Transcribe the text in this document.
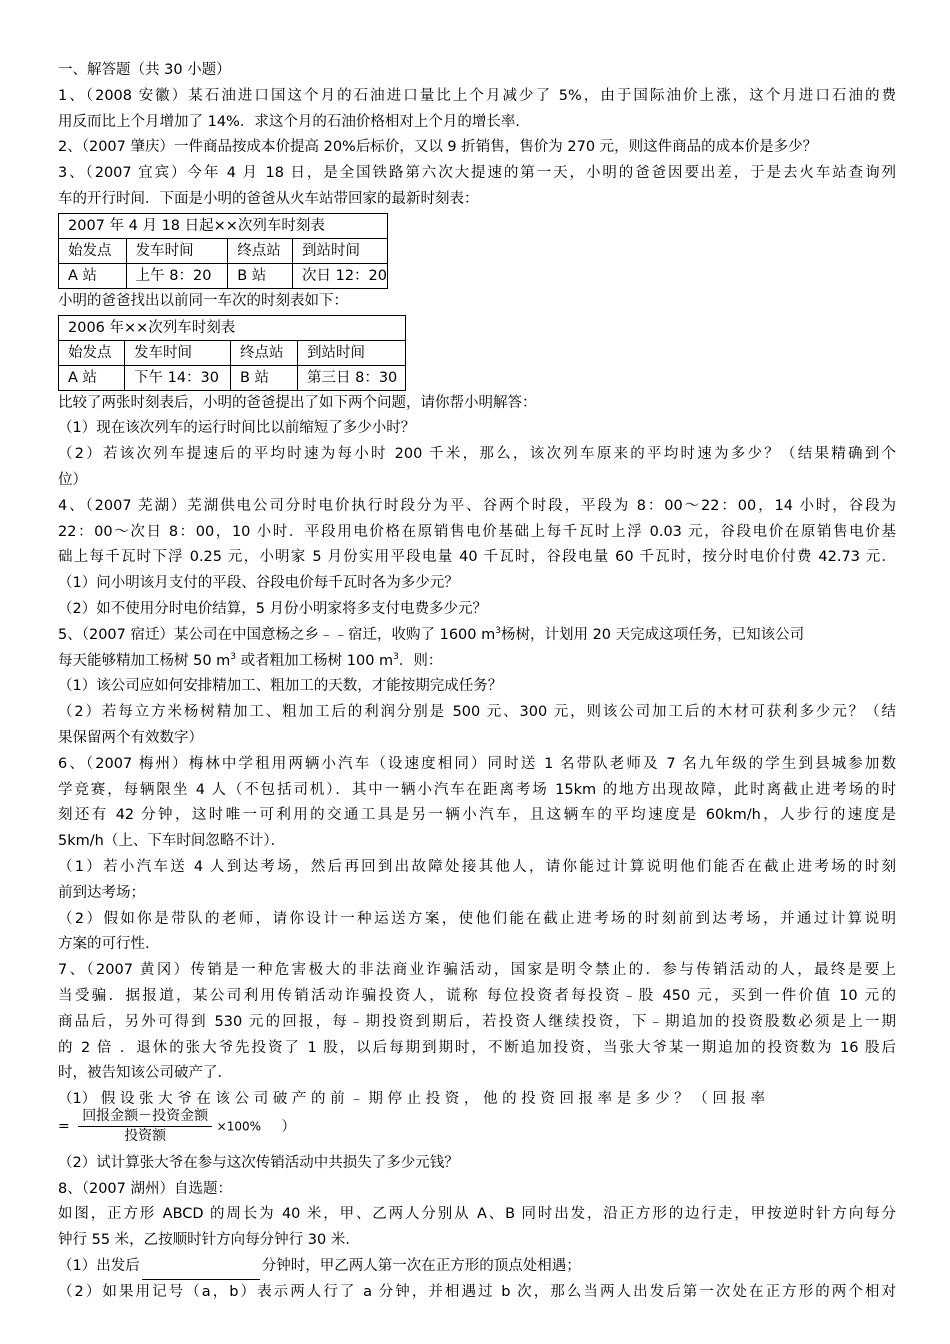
一、解答题（共 30 小题）
1、（2008 安徽）某石油进口国这个月的石油进口量比上个月减少了 5%，由于国际油价上涨，这个月进口石油的费
用反而比上个月增加了 14%．求这个月的石油价格相对上个月的增长率．
2、（2007 肇庆）一件商品按成本价提高 20%后标价，又以 9 折销售，售价为 270 元，则这件商品的成本价是多少？
3、（2007 宜宾）今年 4 月 18 日，是全国铁路第六次大提速的第一天，小明的爸爸因要出差，于是去火车站查询列
车的开行时间．下面是小明的爸爸从火车站带回家的最新时刻表：
2007 年 4 月 18 日起××次列车时刻表			
始发点	发车时间	终点站	到站时间
A 站	上午 8：20	B 站	次日 12：20
小明的爸爸找出以前同一车次的时刻表如下：
2006 年××次列车时刻表			
始发点	发车时间	终点站	到站时间
A 站	下午 14：30	B 站	第三日 8：30
比较了两张时刻表后，小明的爸爸提出了如下两个问题，请你帮小明解答：
（1）现在该次列车的运行时间比以前缩短了多少小时？
（2）若该次列车提速后的平均时速为每小时 200 千米，那么，该次列车原来的平均时速为多少？（结果精确到个
位）
4、（2007 芜湖）芜湖供电公司分时电价执行时段分为平、谷两个时段，平段为 8：00～22：00，14 小时，谷段为
22：00～次日 8：00，10 小时．平段用电价格在原销售电价基础上每千瓦时上浮 0.03 元，谷段电价在原销售电价基
础上每千瓦时下浮 0.25 元，小明家 5 月份实用平段电量 40 千瓦时，谷段电量 60 千瓦时，按分时电价付费 42.73 元．
（1）问小明该月支付的平段、谷段电价每千瓦时各为多少元？
（2）如不使用分时电价结算，5 月份小明家将多支付电费多少元？
5、（2007 宿迁）某公司在中国意杨之乡﹣﹣宿迁，收购了 1600 $m^3$杨树，计划用 20 天完成这项任务，已知该公司
每天能够精加工杨树 50 $m^3$ 或者粗加工杨树 100 $m^3$．则：
（1）该公司应如何安排精加工、粗加工的天数，才能按期完成任务？
（2）若每立方米杨树精加工、粗加工后的利润分别是 500 元、300 元，则该公司加工后的木材可获利多少元？（结
果保留两个有效数字）
6、（2007 梅州）梅林中学租用两辆小汽车（设速度相同）同时送 1 名带队老师及 7 名九年级的学生到县城参加数
学竞赛，每辆限坐 4 人（不包括司机）．其中一辆小汽车在距离考场 15km 的地方出现故障，此时离截止进考场的时
刻还有 42 分钟，这时唯一可利用的交通工具是另一辆小汽车，且这辆车的平均速度是 60km/h，人步行的速度是
5km/h（上、下车时间忽略不计）．
（1）若小汽车送 4 人到达考场，然后再回到出故障处接其他人，请你能过计算说明他们能否在截止进考场的时刻
前到达考场；
（2）假如你是带队的老师，请你设计一种运送方案，使他们能在截止进考场的时刻前到达考场，并通过计算说明
方案的可行性．
7、（2007 黄冈）传销是一种危害极大的非法商业诈骗活动，国家是明令禁止的．参与传销活动的人，最终是要上
当受骗．据报道，某公司利用传销活动诈骗投资人，谎称 每位投资者每投资﹣股 450 元，买到一件价值 10 元的
商品后，另外可得到 530 元的回报，每﹣期投资到期后，若投资人继续投资，下﹣期追加的投资股数必须是上一期
的 2 倍 ．退休的张大爷先投资了 1 股，以后每期到期时，不断追加投资，当张大爷某一期追加的投资数为 16 股后
时，被告知该公司破产了．
（1） 假 设 张 大 爷 在 该 公 司 破 产 的 前 ﹣ 期 停 止 投 资 ， 他 的 投 资 回 报 率 是 多 少 ？ （ 回 报 率
= $\frac{\text{回报金额－投资金额}}{\text{投资额}} \times 100\%$ ）
（2）试计算张大爷在参与这次传销活动中共损失了多少元钱？
8、（2007 湖州）自选题：
如图，正方形 ABCD 的周长为 40 米，甲、乙两人分别从 A、B 同时出发，沿正方形的边行走，甲按逆时针方向每分
钟行 55 米，乙按顺时针方向每分钟行 30 米．
（1）出发后	分钟时，甲乙两人第一次在正方形的顶点处相遇；
（2）如果用记号（a，b）表示两人行了 a 分钟，并相遇过 b 次，那么当两人出发后第一次处在正方形的两个相对
